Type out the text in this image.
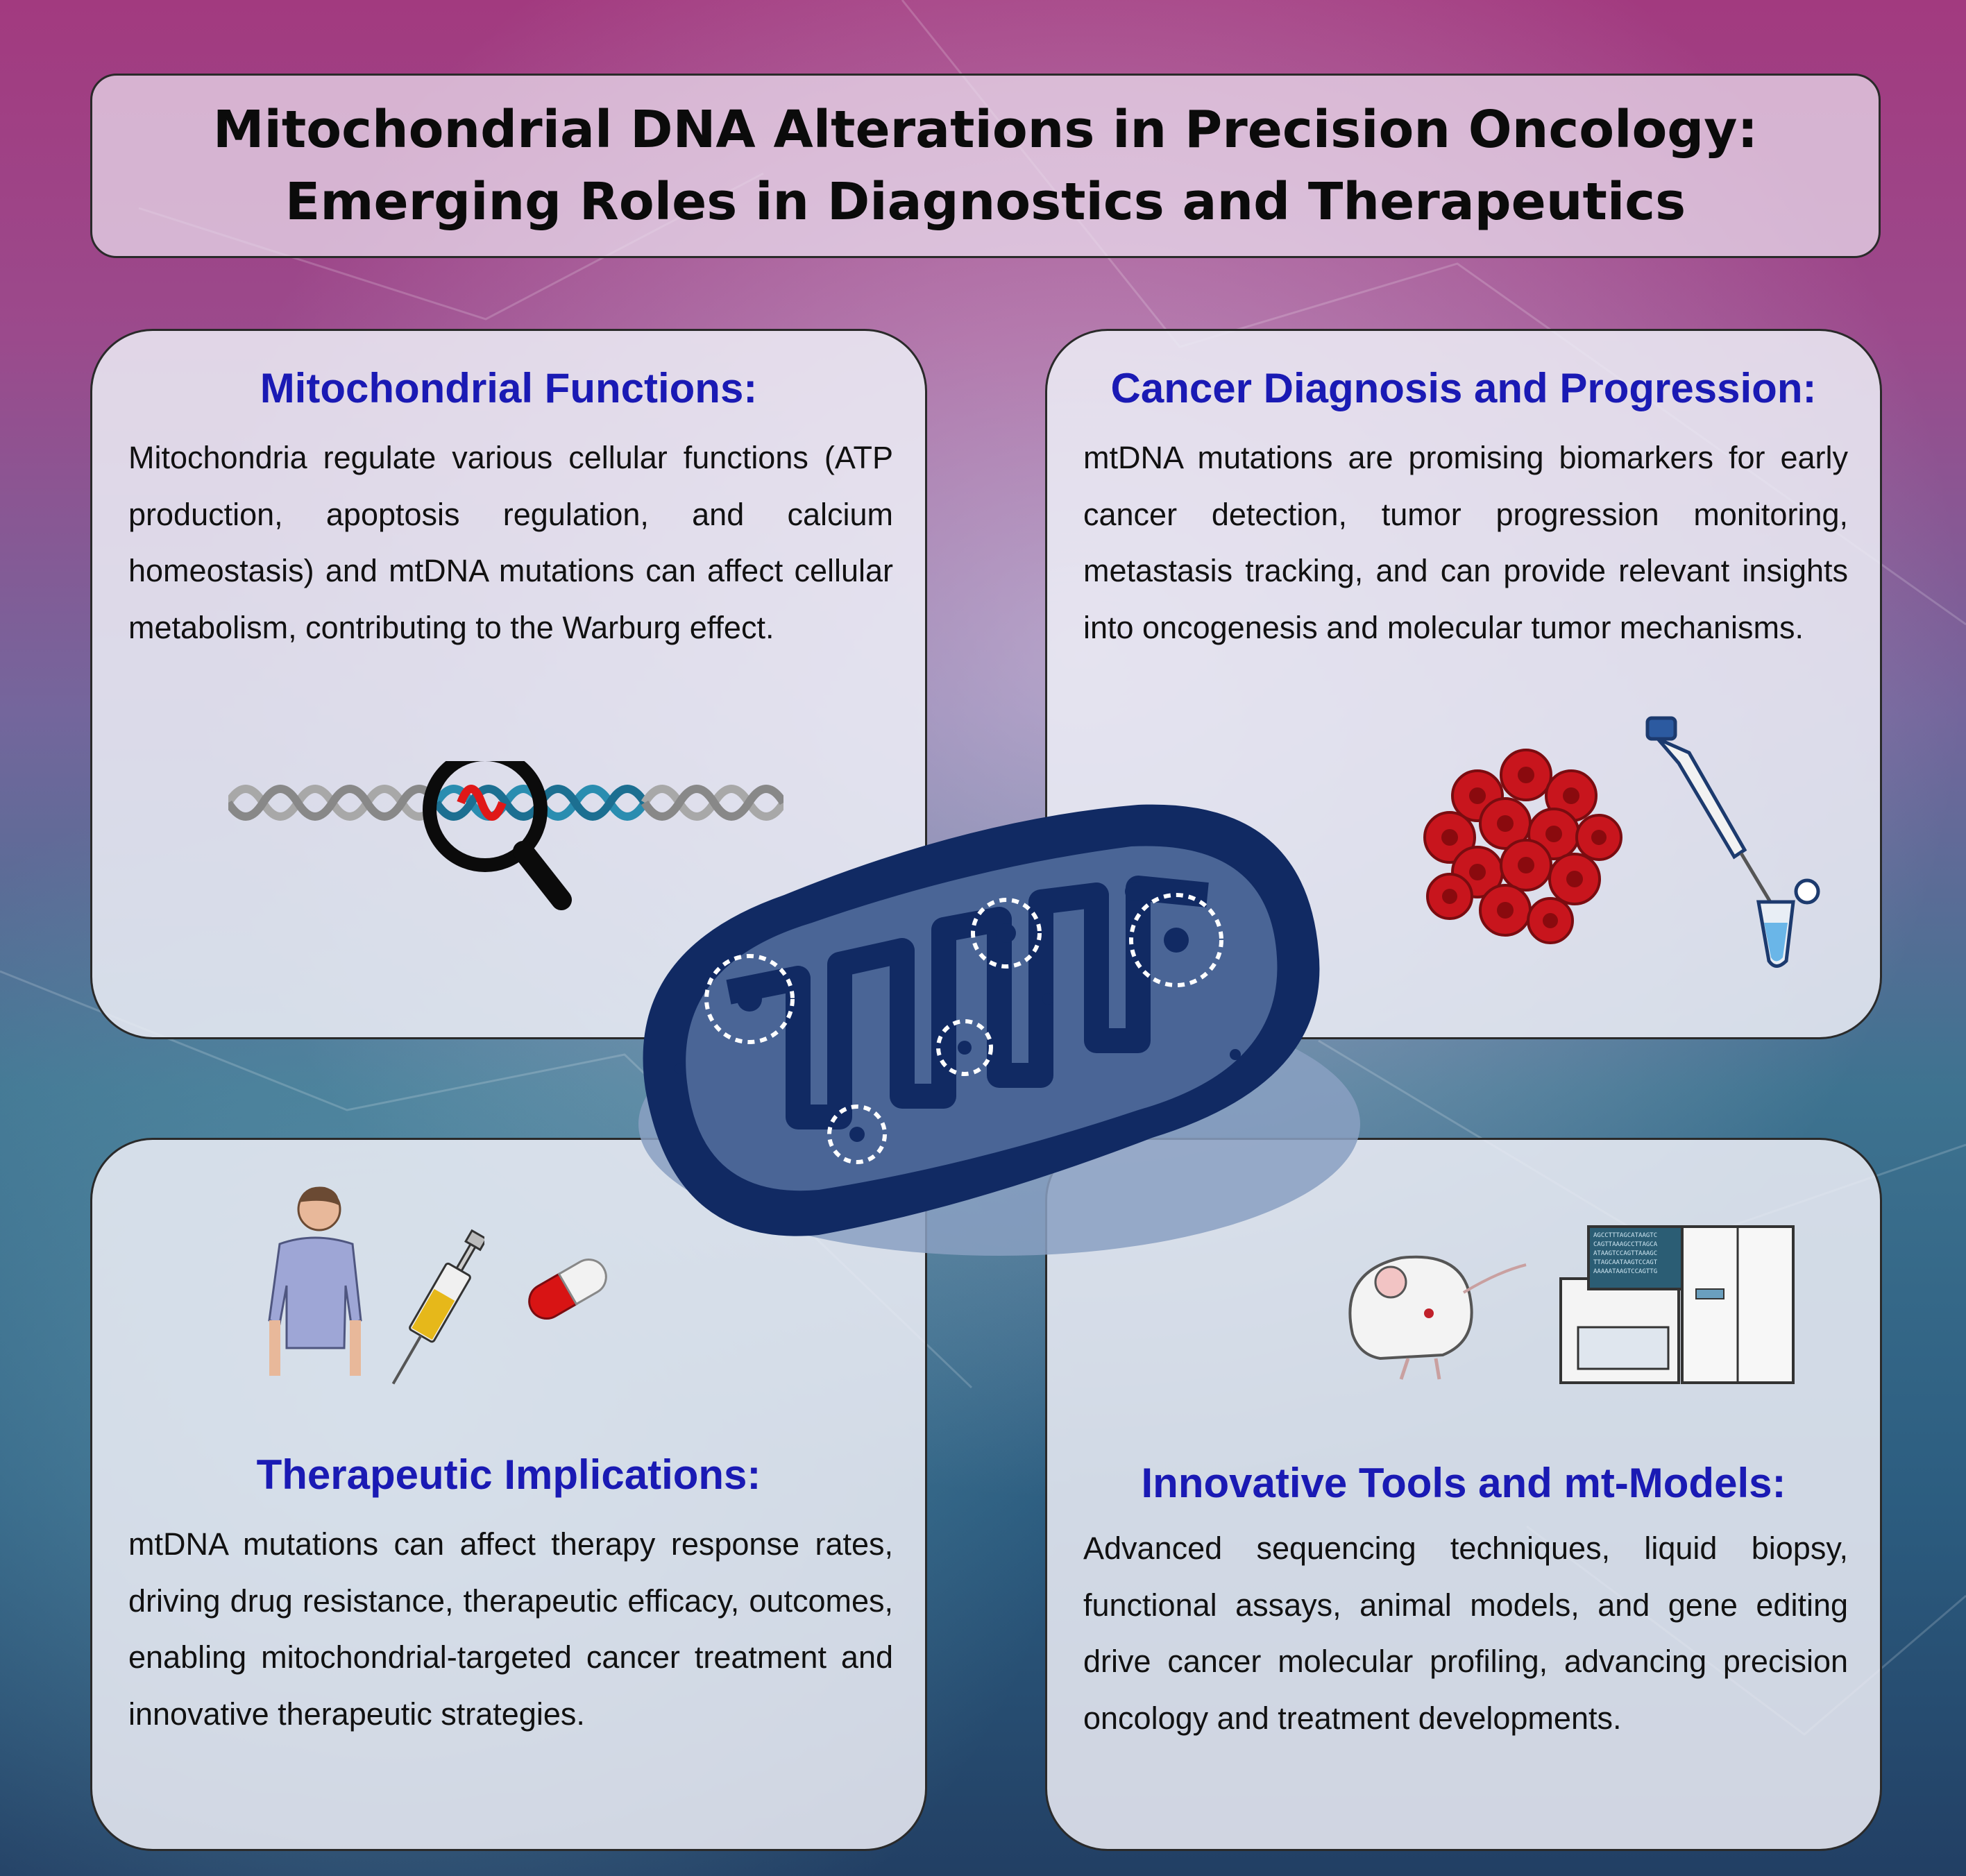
Mitochondrial DNA Alterations in Precision Oncology:
Emerging Roles in Diagnostics and Therapeutics
Mitochondrial Functions:
Mitochondria regulate various cellular functions (ATP production, apoptosis regulation, and calcium homeostasis) and mtDNA mutations can affect cellular metabolism, contributing to the Warburg effect.
Cancer Diagnosis and Progression:
mtDNA mutations are promising biomarkers for early cancer detection, tumor progression monitoring, metastasis tracking, and can provide relevant insights into oncogenesis and molecular tumor mechanisms.
Therapeutic Implications:
mtDNA mutations can affect therapy response rates, driving drug resistance, therapeutic efficacy, outcomes, enabling mitochondrial-targeted cancer treatment and innovative therapeutic strategies.
Innovative Tools and mt-Models:
Advanced sequencing techniques, liquid biopsy, functional assays, animal models, and gene editing drive cancer molecular profiling, advancing precision oncology and treatment developments.
AGCCTTTAGCATAAGTC
CAGTTAAAGCCTTAGCA
ATAAGTCCAGTTAAAGC
TTAGCAATAAGTCCAGT
AAAAATAAGTCCAGTTG
